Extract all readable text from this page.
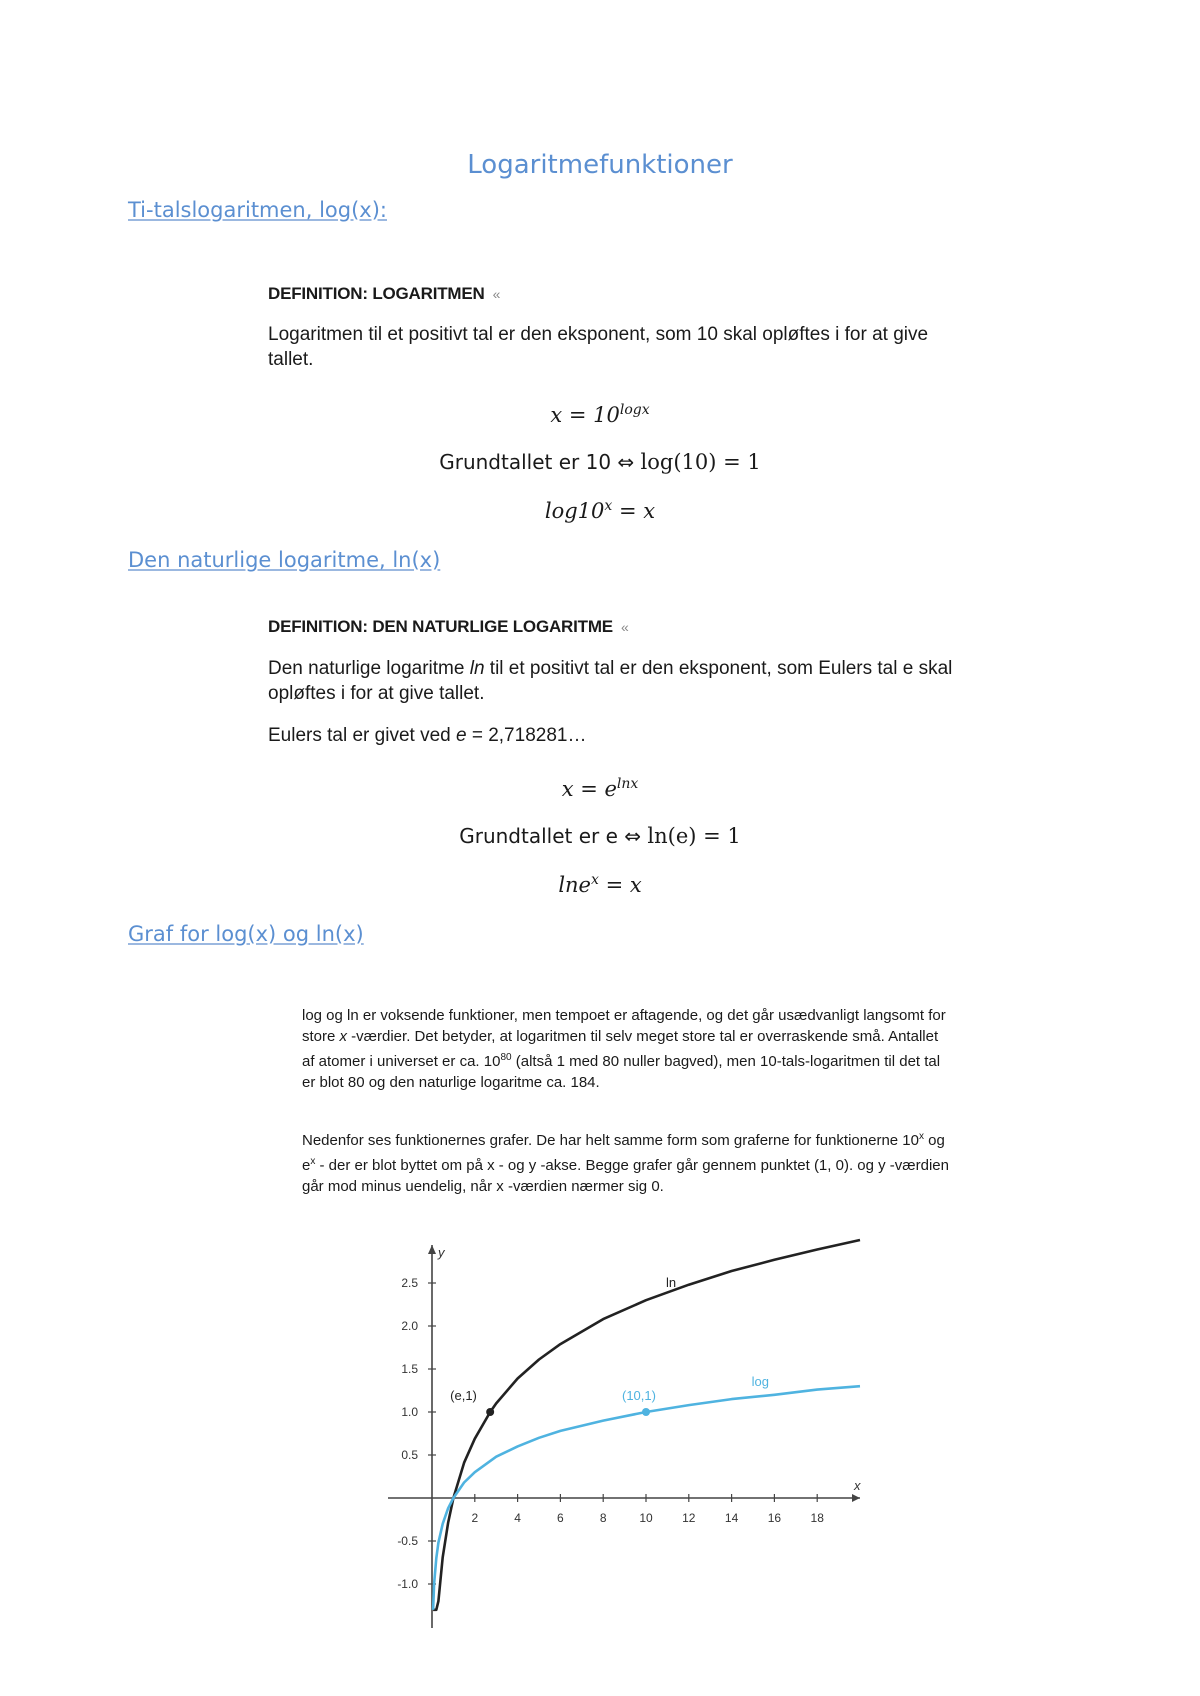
Logaritmefunktioner
Ti-talslogaritmen, log(x):
DEFINITION: LOGARITMEN «
Logaritmen til et positivt tal er den eksponent, som 10 skal opløftes i for at give tallet.
$x = 10^{logx}$
Grundtallet er 10 ⇔ log(10) = 1
$\log 10^x = x$
Den naturlige logaritme, ln(x)
DEFINITION: DEN NATURLIGE LOGARITME «
Den naturlige logaritme ln til et positivt tal er den eksponent, som Eulers tal e skal opløftes i for at give tallet.
Eulers tal er givet ved e = 2,718281…
$x = e^{lnx}$
Grundtallet er e ⇔ ln(e) = 1
lne$^x$ = x
Graf for log(x) og ln(x)
log og ln er voksende funktioner, men tempoet er aftagende, og det går usædvanligt langsomt for store x -værdier. Det betyder, at logaritmen til selv meget store tal er overraskende små. Antallet af atomer i universet er ca. $10^{80}$ (altså 1 med 80 nuller bagved), men 10-tals-logaritmen til det tal er blot 80 og den naturlige logaritme ca. 184.
Nedenfor ses funktionernes grafer. De har helt samme form som graferne for funktionerne 10$^x$ og $e^x$ - der er blot byttet om på x - og y -akse. Begge grafer går gennem punktet (1, 0). og y -værdien går mod minus uendelig, når x -værdien nærmer sig 0.
x
y
2	4	6	8	10 12 14 16 18
-1.0
-0.5
0.5
1.0
1.5
2.0
2.5
(e,1)	(10,1)
ln
log
